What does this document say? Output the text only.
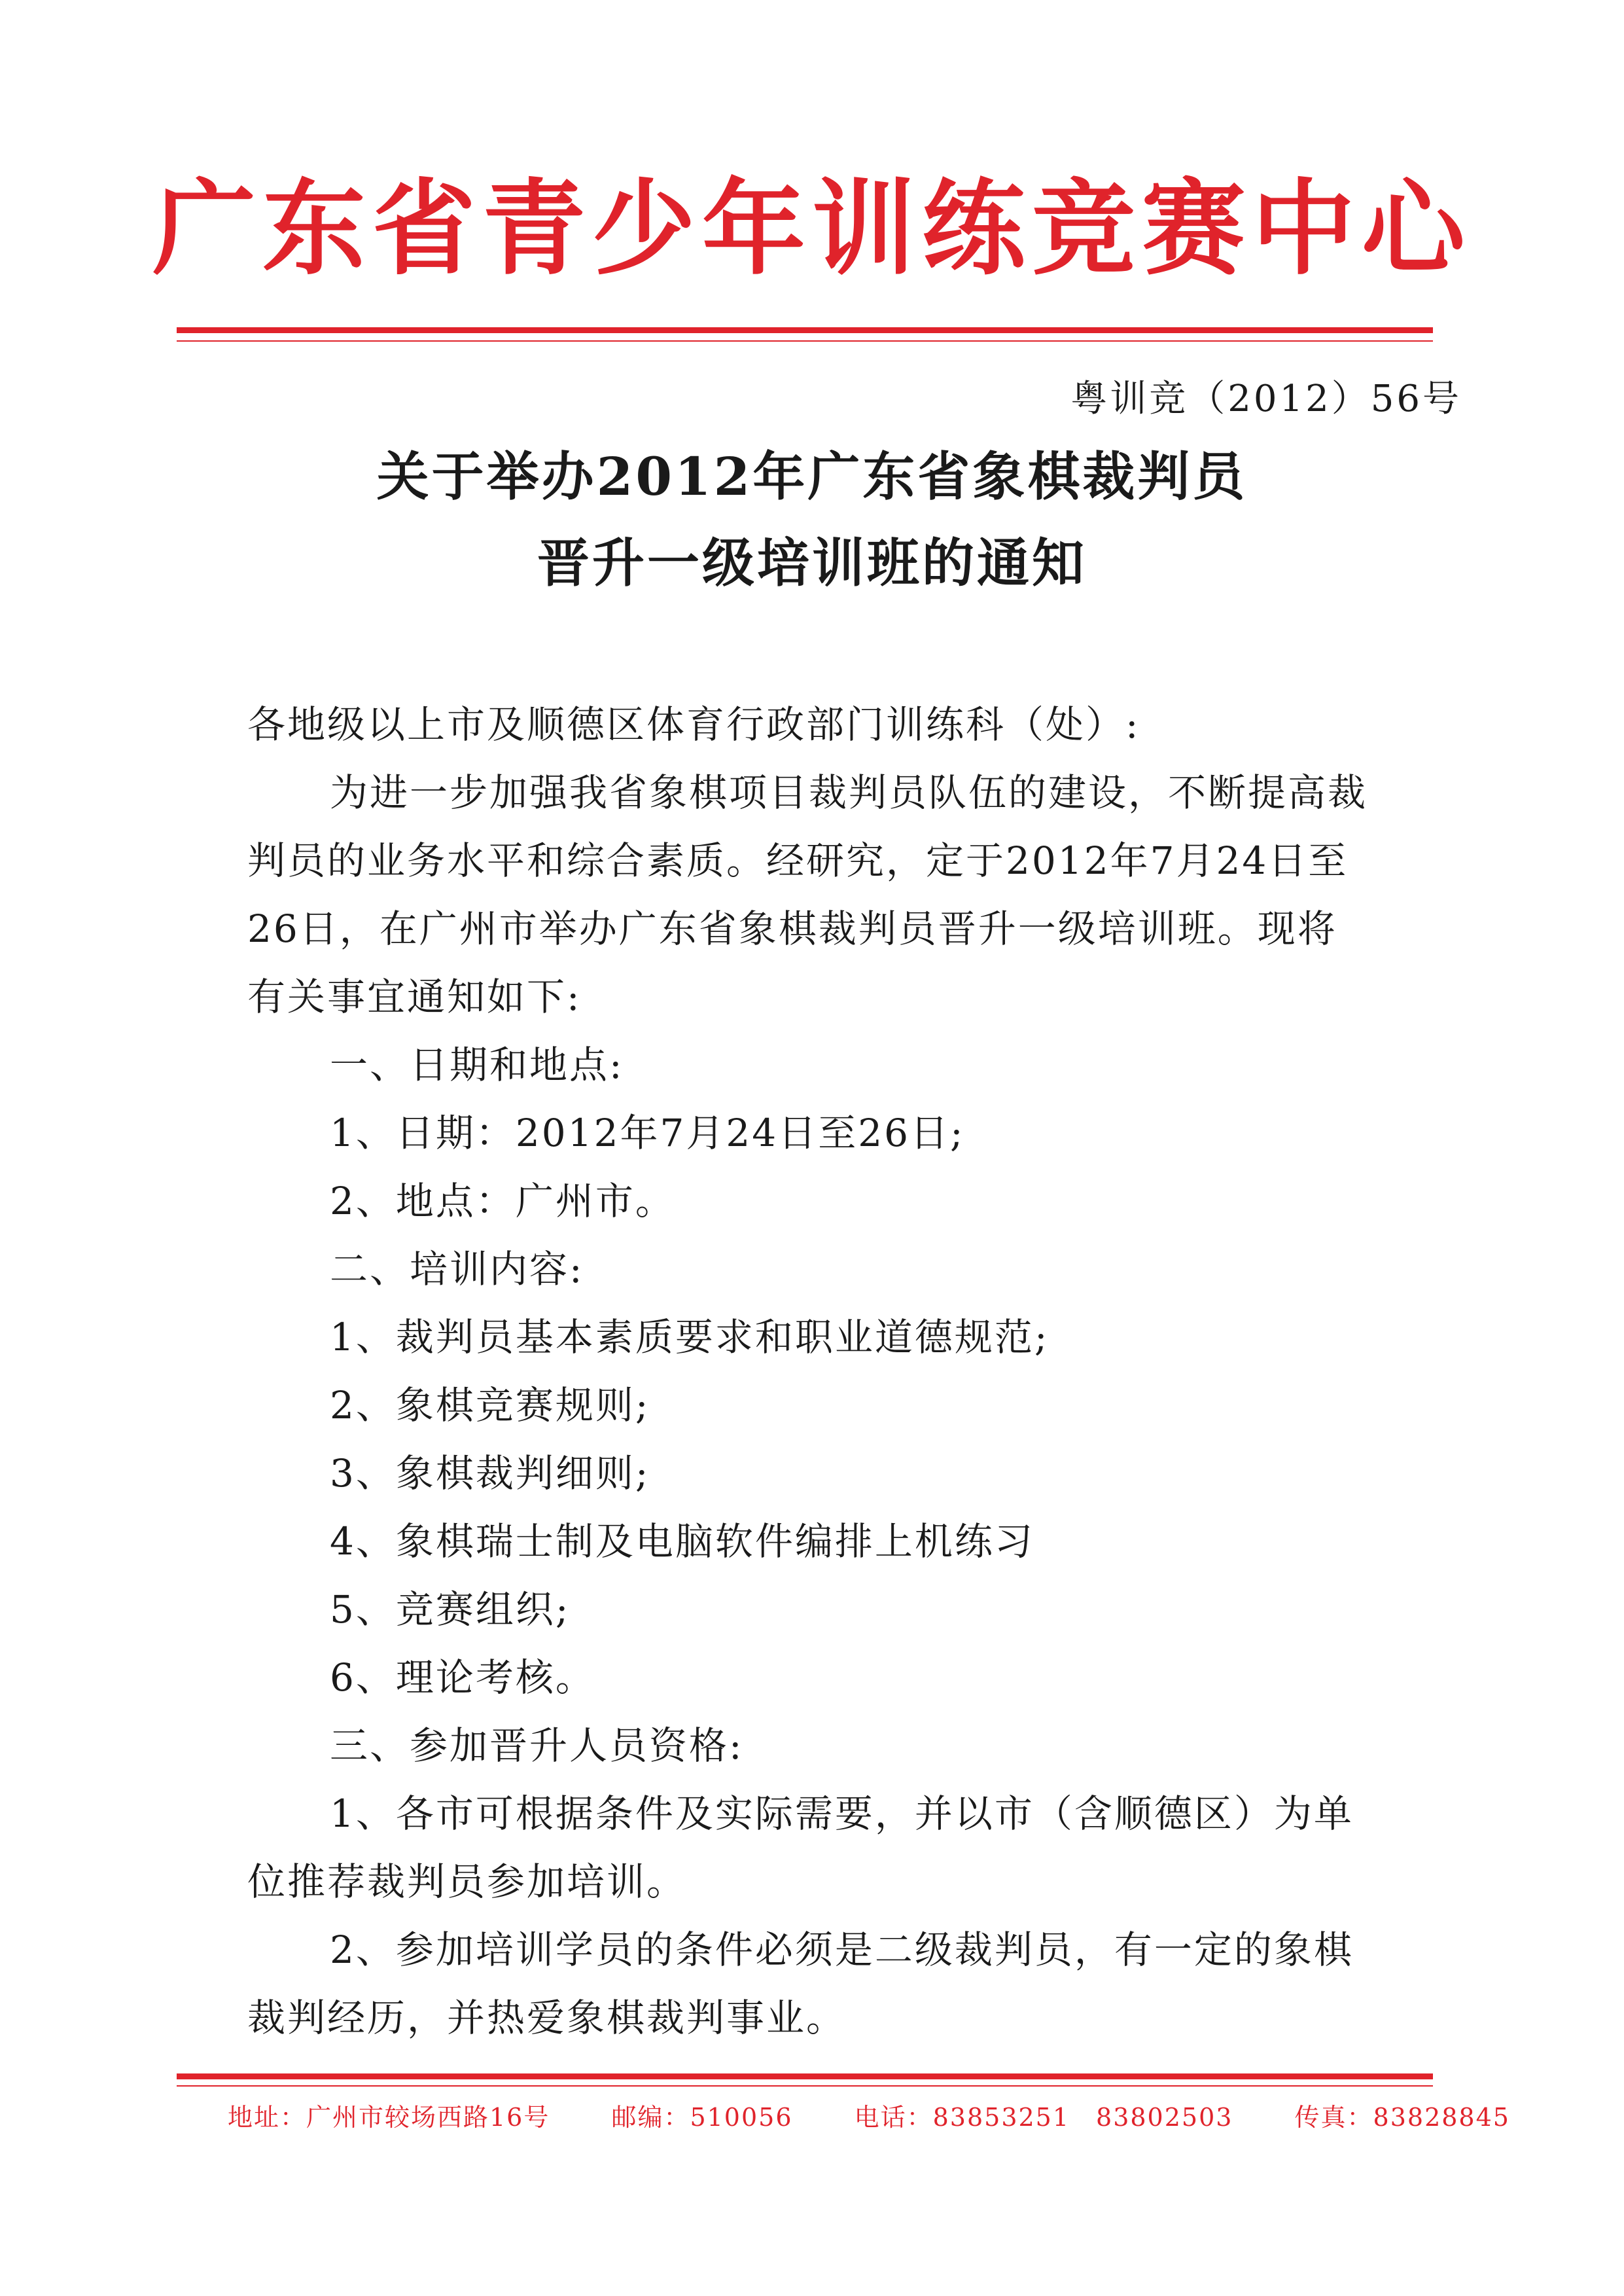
广东省青少年训练竞赛中心
粤训竞（2012）56号
关于举办2012年广东省象棋裁判员
晋升一级培训班的通知

各地级以上市及顺德区体育行政部门训练科（处）:

为进一步加强我省象棋项目裁判员队伍的建设，不断提高裁

判员的业务水平和综合素质。经研究，定于2012年7月24日至

26日，在广州市举办广东省象棋裁判员晋升一级培训班。现将

有关事宜通知如下:

一、日期和地点:

1、日期：2012年7月24日至26日;

2、地点：广州市。

二、培训内容:

1、裁判员基本素质要求和职业道德规范;

2、象棋竞赛规则;

3、象棋裁判细则;

4、象棋瑞士制及电脑软件编排上机练习

5、竞赛组织;

6、理论考核。

三、参加晋升人员资格:

1、各市可根据条件及实际需要，并以市（含顺德区）为单

位推荐裁判员参加培训。

2、参加培训学员的条件必须是二级裁判员，有一定的象棋

裁判经历，并热爱象棋裁判事业。

地址：广州市较场西路16号 邮编：510056 电话：83853251　83802503 传真：83828845
